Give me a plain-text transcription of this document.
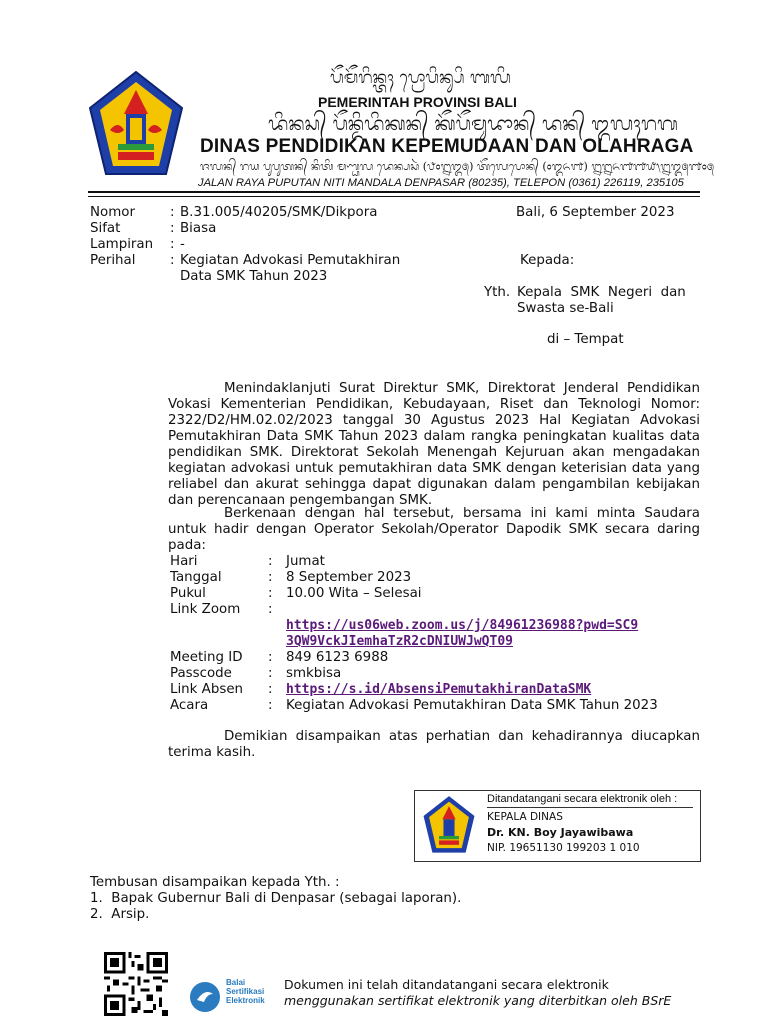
ᬧᭂᬫᭂᬭᬶᬦ᭄ᬢᬄ ᬧ᭄ᬭᭀᬧᬶᬦ᭄ᬲᬶ ᬩᬮᬶ
PEMERINTAH PROVINSI BALI
ᬤᬶᬦᬲ᭄ ᬧᭂᬦ᭄ᬤᬶᬤᬶᬓᬦ᭄ ᬓᭂᬧᭂᬫᬸᬤᬵᬦ᭄ ᬤᬦ᭄ ᬑᬮᬄᬭᬕ
DINAS PENDIDIKAN KEPEMUDAAN DAN OLAHRAGA
ᬚᬮᬦ᭄ ᬭᬬ ᬧᬸᬧᬸᬢᬦ᭄ ᬦᬶᬢᬶ ᬫᬡ᭄ᬟᬮ ᬤᬾᬦ᭄ᬧᬲᬃ (᭘᭐᭒᭓᭕) ᬢᭂᬮᬾᬧᭀᬦ᭄ (᭐᭓᭖᭑) ᭒᭒᭖᭑᭑᭙᭞᭒᭓᭕᭑᭐᭕
JALAN RAYA PUPUTAN NITI MANDALA DENPASAR (80235), TELEPON (0361) 226119, 235105
Nomor	: B.31.005/40205/SMK/Dikpora
Sifat	: Biasa
Lampiran : -
Perihal	: Kegiatan Advokasi Pemutakhiran
Data SMK Tahun 2023
Bali, 6 September 2023
Kepada:
Yth. Kepala  SMK  Negeri  dan
Swasta se-Bali
di – Tempat
Menindaklanjuti Surat Direktur SMK, Direktorat Jenderal Pendidikan Vokasi Kementerian Pendidikan, Kebudayaan, Riset dan Teknologi Nomor: 2322/D2/HM.02.02/2023 tanggal 30 Agustus 2023 Hal Kegiatan Advokasi Pemutakhiran Data SMK Tahun 2023 dalam rangka peningkatan kualitas data pendidikan SMK. Direktorat Sekolah Menengah Kejuruan akan mengadakan kegiatan advokasi untuk pemutakhiran data SMK dengan keterisian data yang reliabel dan akurat sehingga dapat digunakan dalam pengambilan kebijakan dan perencanaan pengembangan SMK.
Berkenaan dengan hal tersebut, bersama ini kami minta Saudara untuk hadir dengan Operator Sekolah/Operator Dapodik SMK secara daring pada:
Hari	: Jumat
Tanggal	: 8 September 2023
Pukul	: 10.00 Wita – Selesai
Link Zoom :
https://us06web.zoom.us/j/84961236988?pwd=SC9
3QW9VckJIemhaTzR2cDNIUWJwQT09
Meeting ID : 849 6123 6988
Passcode	: smkbisa
Link Absen : https://s.id/AbsensiPemutakhiranDataSMK
Acara	: Kegiatan Advokasi Pemutakhiran Data SMK Tahun 2023
Demikian disampaikan atas perhatian dan kehadirannya diucapkan terima kasih.
Ditandatangani secara elektronik oleh :
KEPALA DINAS
Dr. KN. Boy Jayawibawa
NIP. 19651130 199203 1 010
Tembusan disampaikan kepada Yth. :
1.  Bapak Gubernur Bali di Denpasar (sebagai laporan).
2.  Arsip.
Balai
Sertifikasi
Elektronik
Dokumen ini telah ditandatangani secara elektronik
menggunakan sertifikat elektronik yang diterbitkan oleh BSrE
